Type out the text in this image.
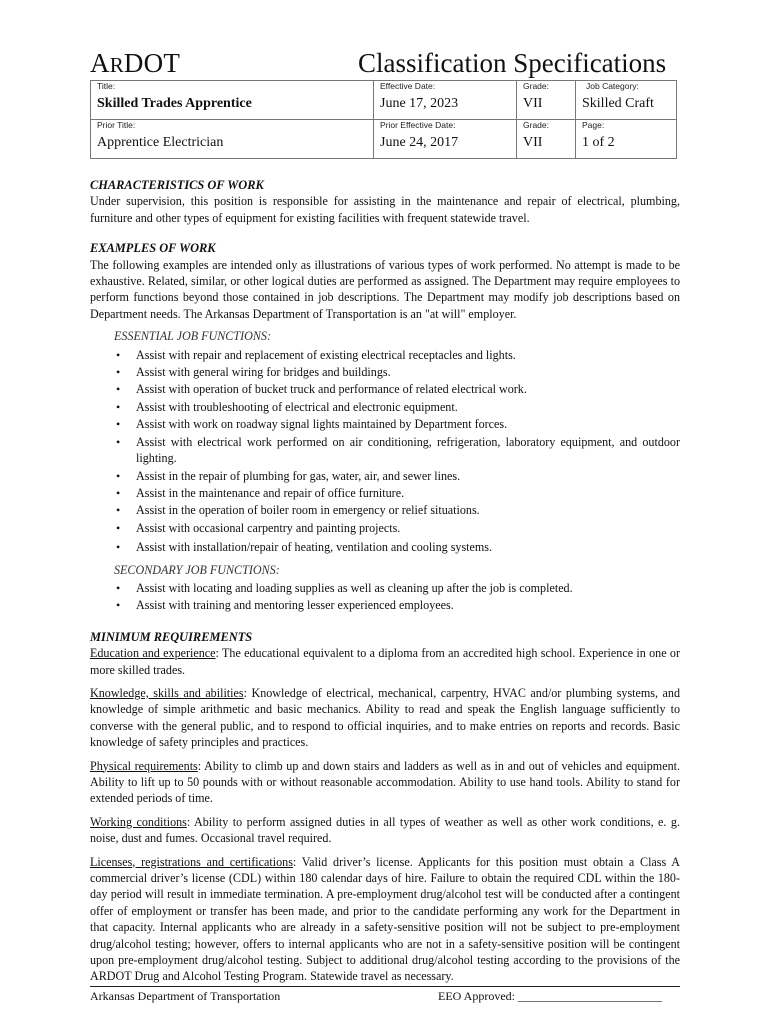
ARDOT	Classification Specifications
Title:	Effective Date:	Grade:	Job Category:
Skilled Trades Apprentice	June 17, 2023	VII	Skilled Craft
Prior Title:	Prior Effective Date:	Grade:	Page:
Apprentice Electrician	June 24, 2017	VII	1 of 2
CHARACTERISTICS OF WORK

Under supervision, this position is responsible for assisting in the maintenance and repair of electrical, plumbing, furniture and other types of equipment for existing facilities with frequent statewide travel.

EXAMPLES OF WORK

The following examples are intended only as illustrations of various types of work performed. No attempt is made to be exhaustive. Related, similar, or other logical duties are performed as assigned. The Department may require employees to perform functions beyond those contained in job descriptions. The Department may modify job descriptions based on Department needs. The Arkansas Department of Transportation is an "at will" employer.

ESSENTIAL JOB FUNCTIONS:
• Assist with repair and replacement of existing electrical receptacles and lights.
• Assist with general wiring for bridges and buildings.
• Assist with operation of bucket truck and performance of related electrical work.
• Assist with troubleshooting of electrical and electronic equipment.
• Assist with work on roadway signal lights maintained by Department forces.
• Assist with electrical work performed on air conditioning, refrigeration, laboratory equipment, and outdoor lighting.
• Assist in the repair of plumbing for gas, water, air, and sewer lines.
• Assist in the maintenance and repair of office furniture.
• Assist in the operation of boiler room in emergency or relief situations.
• Assist with occasional carpentry and painting projects.
• Assist with installation/repair of heating, ventilation and cooling systems.
SECONDARY JOB FUNCTIONS:
• Assist with locating and loading supplies as well as cleaning up after the job is completed.
• Assist with training and mentoring lesser experienced employees.
MINIMUM REQUIREMENTS

Education and experience: The educational equivalent to a diploma from an accredited high school. Experience in one or more skilled trades.

Knowledge, skills and abilities: Knowledge of electrical, mechanical, carpentry, HVAC and/or plumbing systems, and knowledge of simple arithmetic and basic mechanics. Ability to read and speak the English language sufficiently to converse with the general public, and to respond to official inquiries, and to make entries on reports and records. Basic knowledge of safety principles and practices.

Physical requirements: Ability to climb up and down stairs and ladders as well as in and out of vehicles and equipment. Ability to lift up to 50 pounds with or without reasonable accommodation. Ability to use hand tools. Ability to stand for extended periods of time.

Working conditions: Ability to perform assigned duties in all types of weather as well as other work conditions, e. g. noise, dust and fumes. Occasional travel required.

Licenses, registrations and certifications: Valid driver’s license. Applicants for this position must obtain a Class A commercial driver’s license (CDL) within 180 calendar days of hire. Failure to obtain the required CDL within the 180-day period will result in immediate termination. A pre-employment drug/alcohol test will be conducted after a contingent offer of employment or transfer has been made, and prior to the candidate performing any work for the Department in that capacity. Internal applicants who are already in a safety-sensitive position will not be subject to pre-employment drug/alcohol testing; however, offers to internal applicants who are not in a safety-sensitive position will be contingent upon pre-employment drug/alcohol testing. Subject to additional drug/alcohol testing according to the provisions of the ARDOT Drug and Alcohol Testing Program. Statewide travel as necessary.

Arkansas Department of Transportation	EEO Approved: ________________________
